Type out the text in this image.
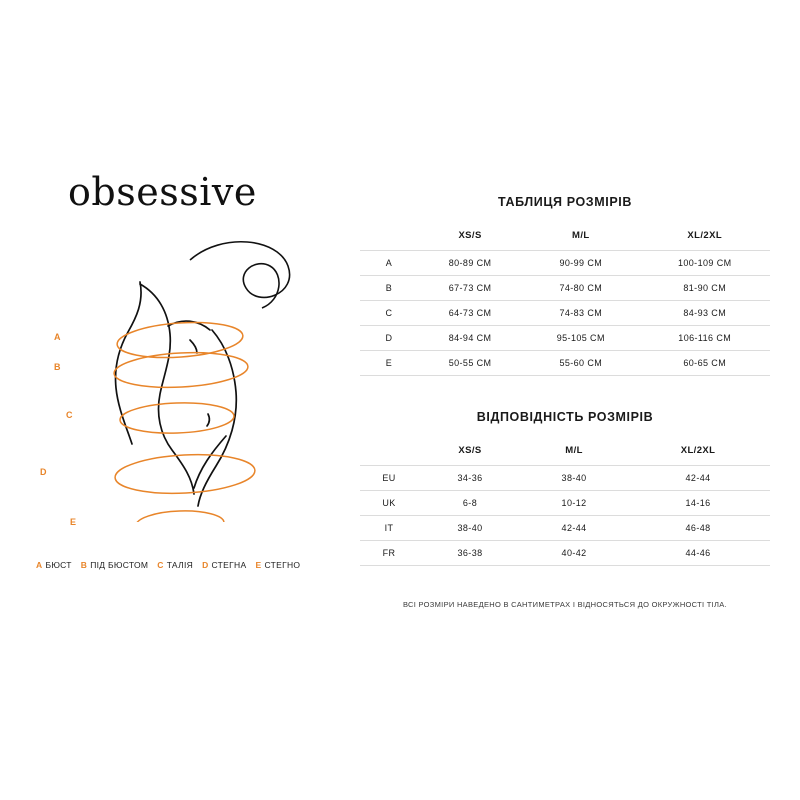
obsessive
A
B
C
D
E
A БЮСТ B ПІД БЮСТОМ C ТАЛІЯ D СТЕГНА E СТЕГНО
ТАБЛИЦЯ РОЗМІРІВ
	XS/S	M/L	XL/2XL
A	80-89 CM	90-99 CM	100-109 CM
B	67-73 CM	74-80 CM	81-90 CM
C	64-73 CM	74-83 CM	84-93 CM
D	84-94 CM	95-105 CM	106-116 CM
E	50-55 CM	55-60 CM	60-65 CM
ВІДПОВІДНІСТЬ РОЗМІРІВ
	XS/S	M/L	XL/2XL
EU	34-36	38-40	42-44
UK	6-8	10-12	14-16
IT	38-40	42-44	46-48
FR	36-38	40-42	44-46
ВСІ РОЗМІРИ НАВЕДЕНО В САНТИМЕТРАХ І ВІДНОСЯТЬСЯ ДО ОКРУЖНОСТІ ТІЛА.
